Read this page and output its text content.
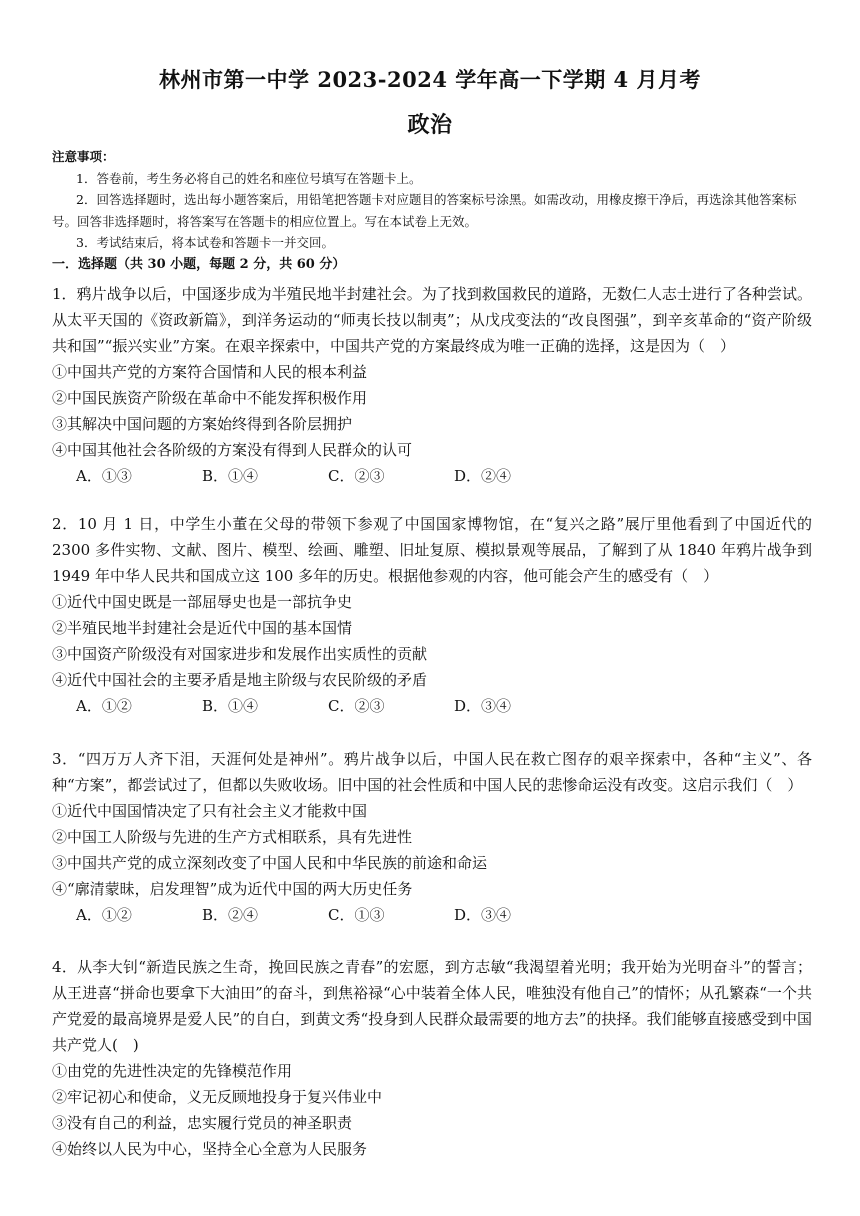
林州市第一中学 2023-2024 学年高一下学期 4 月月考
政治

注意事项：

1．答卷前，考生务必将自己的姓名和座位号填写在答题卡上。

2．回答选择题时，选出每小题答案后，用铅笔把答题卡对应题目的答案标号涂黑。如需改动，用橡皮擦干净后，再选涂其他答案标号。回答非选择题时，将答案写在答题卡的相应位置上。写在本试卷上无效。

3．考试结束后，将本试卷和答题卡一并交回。

一．选择题（共 30 小题，每题 2 分，共 60 分）

1．鸦片战争以后，中国逐步成为半殖民地半封建社会。为了找到救国救民的道路，无数仁人志士进行了各种尝试。从太平天国的《资政新篇》，到洋务运动的“师夷长技以制夷”；从戊戌变法的“改良图强”，到辛亥革命的“资产阶级共和国”“振兴实业”方案。在艰辛探索中，中国共产党的方案最终成为唯一正确的选择，这是因为（　）

①中国共产党的方案符合国情和人民的根本利益

②中国民族资产阶级在革命中不能发挥积极作用

③其解决中国问题的方案始终得到各阶层拥护

④中国其他社会各阶级的方案没有得到人民群众的认可

A．①③	B．①④	C．②③	D．②④

2．10 月 1 日，中学生小董在父母的带领下参观了中国国家博物馆，在“复兴之路”展厅里他看到了中国近代的 2300 多件实物、文献、图片、模型、绘画、雕塑、旧址复原、模拟景观等展品，了解到了从 1840 年鸦片战争到 1949 年中华人民共和国成立这 100 多年的历史。根据他参观的内容，他可能会产生的感受有（　）

①近代中国史既是一部屈辱史也是一部抗争史

②半殖民地半封建社会是近代中国的基本国情

③中国资产阶级没有对国家进步和发展作出实质性的贡献

④近代中国社会的主要矛盾是地主阶级与农民阶级的矛盾

A．①②	B．①④	C．②③	D．③④

3．“四万万人齐下泪，天涯何处是神州”。鸦片战争以后，中国人民在救亡图存的艰辛探索中，各种“主义”、各种“方案”，都尝试过了，但都以失败收场。旧中国的社会性质和中国人民的悲惨命运没有改变。这启示我们（　）

①近代中国国情决定了只有社会主义才能救中国

②中国工人阶级与先进的生产方式相联系，具有先进性

③中国共产党的成立深刻改变了中国人民和中华民族的前途和命运

④“廓清蒙昧，启发理智”成为近代中国的两大历史任务

A．①②	B．②④	C．①③	D．③④

4．从李大钊“新造民族之生奇，挽回民族之青春”的宏愿，到方志敏“我渴望着光明；我开始为光明奋斗”的誓言；从王进喜“拼命也要拿下大油田”的奋斗，到焦裕禄“心中装着全体人民，唯独没有他自己”的情怀；从孔繁森“一个共产党爱的最高境界是爱人民”的自白，到黄文秀“投身到人民群众最需要的地方去”的抉择。我们能够直接感受到中国共产党人(　)

①由党的先进性决定的先锋模范作用

②牢记初心和使命，义无反顾地投身于复兴伟业中

③没有自己的利益，忠实履行党员的神圣职责

④始终以人民为中心，坚持全心全意为人民服务
